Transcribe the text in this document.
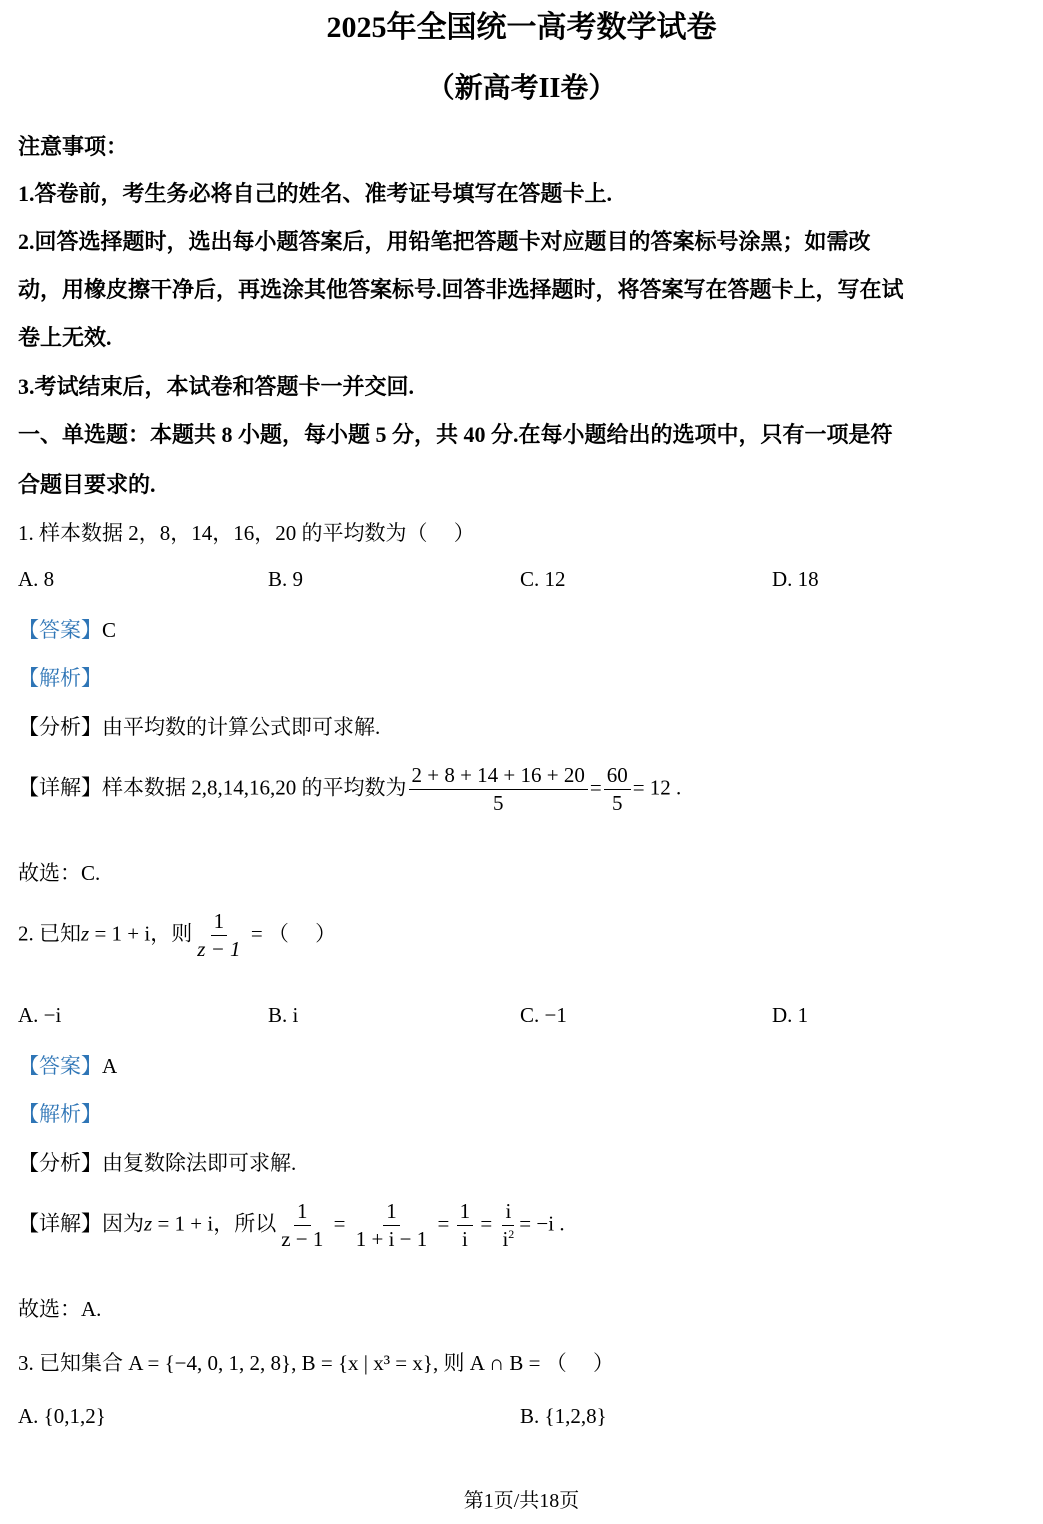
2025年全国统一高考数学试卷
（新高考II卷）
注意事项：
1.答卷前，考生务必将自己的姓名、准考证号填写在答题卡上.
2.回答选择题时，选出每小题答案后，用铅笔把答题卡对应题目的答案标号涂黑；如需改
动，用橡皮擦干净后，再选涂其他答案标号.回答非选择题时，将答案写在答题卡上，写在试
卷上无效.
3.考试结束后，本试卷和答题卡一并交回.
一、单选题：本题共 8 小题，每小题 5 分，共 40 分.在每小题给出的选项中，只有一项是符
合题目要求的.
1. 样本数据 2，8，14，16，20 的平均数为（　 ）
A. 8	B. 9	C. 12	D. 18
【答案】C
【解析】
【分析】由平均数的计算公式即可求解.
【详解】样本数据 2,8,14,16,20 的平均数为 $\frac{2 + 8 + 14 + 16 + 20}{5} = \frac{60}{5} = 12$ .
故选：C.
2. 已知z = 1 + i，则 $\frac{1}{z - 1}$ = （　 ）
A. −i	B. i	C. −1	D. 1
【答案】A
【解析】
【分析】由复数除法即可求解.
【详解】因为z = 1 + i，所以 $\frac{1}{z - 1} = \frac{1}{1 + i - 1} = \frac{1}{i} = \frac{i}{i^2} = -i$ .
故选：A.
3. 已知集合 A = {−4, 0, 1, 2, 8}, B = {x | x³ = x}, 则 A ∩ B = （　 ）
A. {0,1,2}	B. {1,2,8}
第1页/共18页
